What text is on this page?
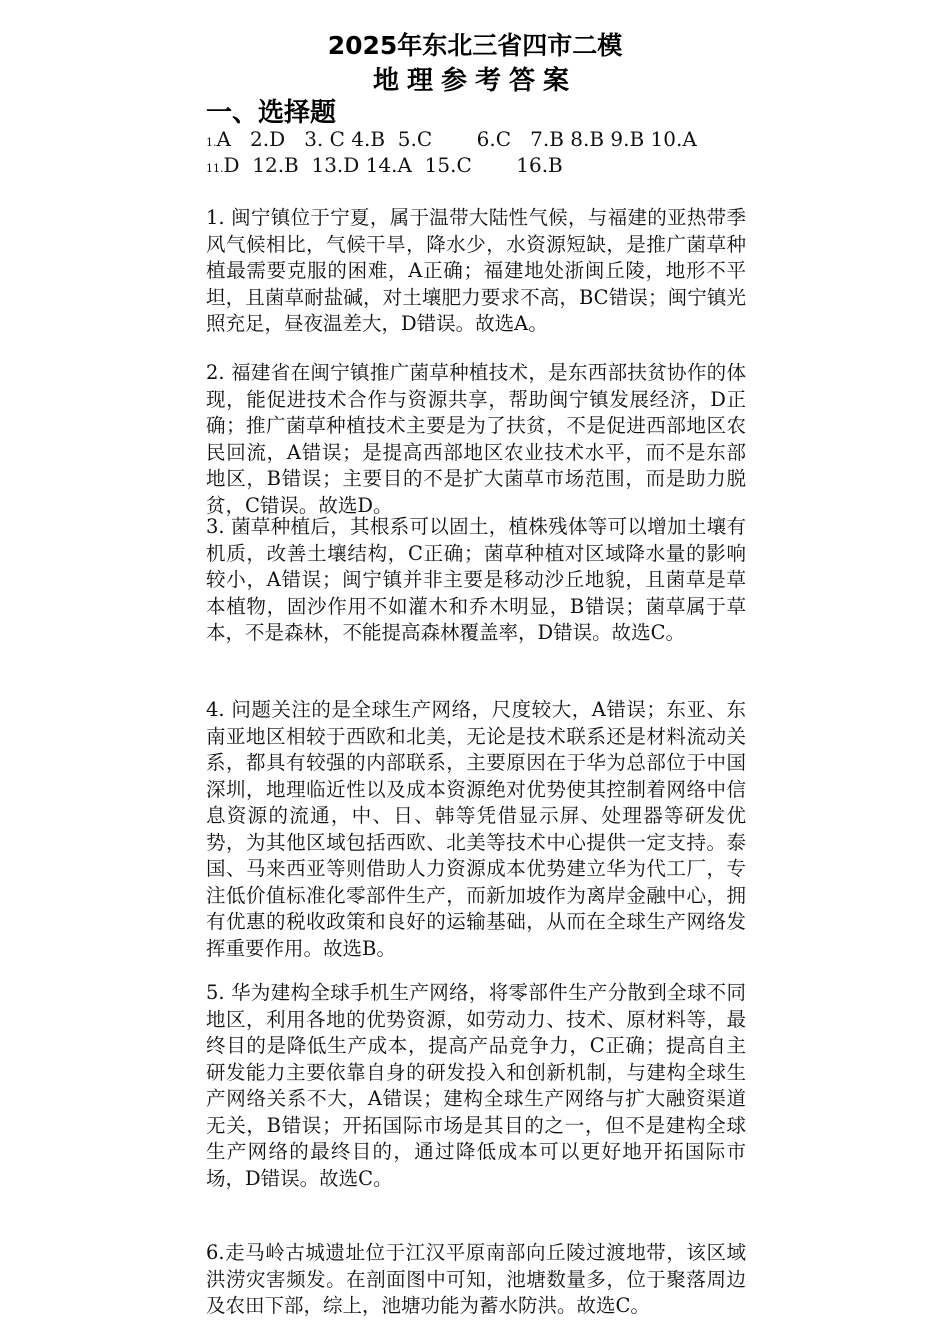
2025年东北三省四市二模
地理参考答案
一、选择题
1.A   2.D   3. C 4.B  5.C       6.C   7.B 8.B 9.B 10.A
11.D  12.B  13.D 14.A  15.C       16.B

1. 闽宁镇位于宁夏，属于温带大陆性气候，与福建的亚热带季风气候相比，气候干旱，降水少，水资源短缺，是推广菌草种植最需要克服的困难，A正确；福建地处浙闽丘陵，地形不平坦，且菌草耐盐碱，对土壤肥力要求不高，BC错误；闽宁镇光照充足，昼夜温差大，D错误。故选A。

2. 福建省在闽宁镇推广菌草种植技术，是东西部扶贫协作的体现，能促进技术合作与资源共享，帮助闽宁镇发展经济，D正确；推广菌草种植技术主要是为了扶贫，不是促进西部地区农民回流，A错误；是提高西部地区农业技术水平，而不是东部地区，B错误；主要目的不是扩大菌草市场范围，而是助力脱贫，C错误。故选D。

3. 菌草种植后，其根系可以固土，植株残体等可以增加土壤有机质，改善土壤结构，C正确；菌草种植对区域降水量的影响较小，A错误；闽宁镇并非主要是移动沙丘地貌，且菌草是草本植物，固沙作用不如灌木和乔木明显，B错误；菌草属于草本，不是森林，不能提高森林覆盖率，D错误。故选C。

4. 问题关注的是全球生产网络，尺度较大，A错误；东亚、东南亚地区相较于西欧和北美，无论是技术联系还是材料流动关系，都具有较强的内部联系，主要原因在于华为总部位于中国深圳，地理临近性以及成本资源绝对优势使其控制着网络中信息资源的流通，中、日、韩等凭借显示屏、处理器等研发优势，为其他区域包括西欧、北美等技术中心提供一定支持。泰国、马来西亚等则借助人力资源成本优势建立华为代工厂，专注低价值标准化零部件生产，而新加坡作为离岸金融中心，拥有优惠的税收政策和良好的运输基础，从而在全球生产网络发挥重要作用。故选B。

5. 华为建构全球手机生产网络，将零部件生产分散到全球不同地区，利用各地的优势资源，如劳动力、技术、原材料等，最终目的是降低生产成本，提高产品竞争力，C正确；提高自主研发能力主要依靠自身的研发投入和创新机制，与建构全球生产网络关系不大，A错误；建构全球生产网络与扩大融资渠道无关，B错误；开拓国际市场是其目的之一，但不是建构全球生产网络的最终目的，通过降低成本可以更好地开拓国际市场，D错误。故选C。

6.走马岭古城遗址位于江汉平原南部向丘陵过渡地带，该区域洪涝灾害频发。在剖面图中可知，池塘数量多，位于聚落周边及农田下部，综上，池塘功能为蓄水防洪。故选C。
